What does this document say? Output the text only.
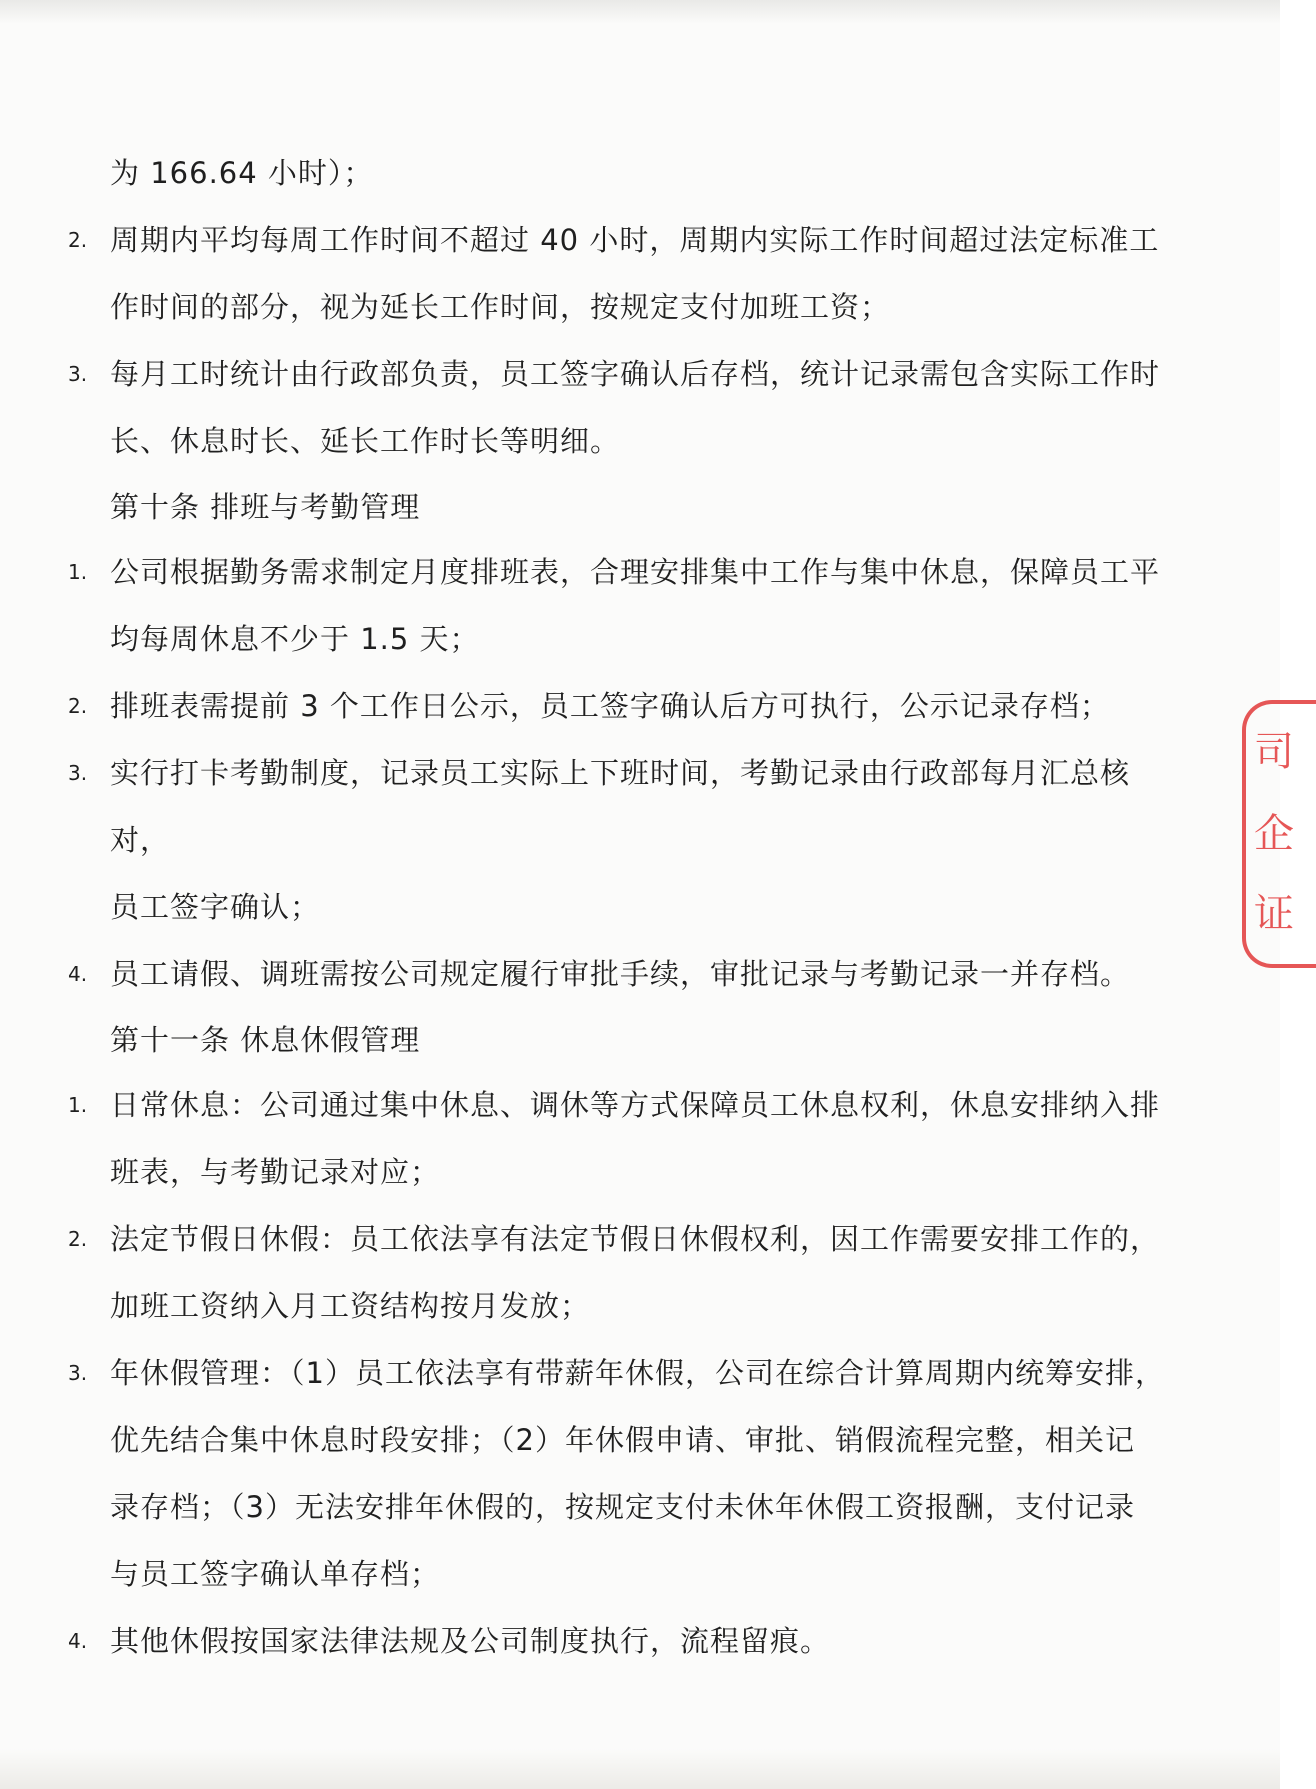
为 166.64 小时）；

2. 周期内平均每周工作时间不超过 40 小时，周期内实际工作时间超过法定标准工

作时间的部分，视为延长工作时间，按规定支付加班工资；

3. 每月工时统计由行政部负责，员工签字确认后存档，统计记录需包含实际工作时

长、休息时长、延长工作时长等明细。

第十条 排班与考勤管理

1. 公司根据勤务需求制定月度排班表，合理安排集中工作与集中休息，保障员工平

均每周休息不少于 1.5 天；

2. 排班表需提前 3 个工作日公示，员工签字确认后方可执行，公示记录存档；

3. 实行打卡考勤制度，记录员工实际上下班时间，考勤记录由行政部每月汇总核对，

员工签字确认；

4. 员工请假、调班需按公司规定履行审批手续，审批记录与考勤记录一并存档。

第十一条 休息休假管理

1. 日常休息：公司通过集中休息、调休等方式保障员工休息权利，休息安排纳入排

班表，与考勤记录对应；

2. 法定节假日休假：员工依法享有法定节假日休假权利，因工作需要安排工作的，

加班工资纳入月工资结构按月发放；

3. 年休假管理：（1）员工依法享有带薪年休假，公司在综合计算周期内统筹安排，

优先结合集中休息时段安排；（2）年休假申请、审批、销假流程完整，相关记

录存档；（3）无法安排年休假的，按规定支付未休年休假工资报酬，支付记录

与员工签字确认单存档；

4. 其他休假按国家法律法规及公司制度执行，流程留痕。

司
企
证
